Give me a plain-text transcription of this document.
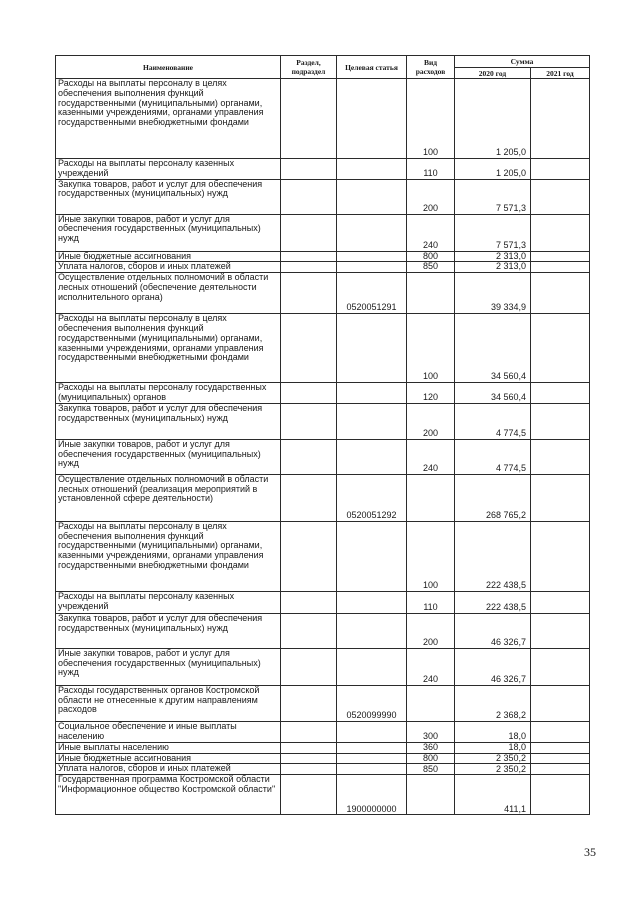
Наименование	Раздел, подраздел	Целевая статья	Вид расходов	Сумма	
				2020 год	2021 год
Расходы на выплаты персоналу в целях обеспечения выполнения функций государственными (муниципальными) органами, казенными учреждениями, органами управления государственными внебюджетными фондами			100	1 205,0	
Расходы на выплаты персоналу казенных учреждений			110	1 205,0	
Закупка товаров, работ и услуг для обеспечения государственных (муниципальных) нужд			200	7 571,3	
Иные закупки товаров, работ и услуг для обеспечения государственных (муниципальных) нужд			240	7 571,3	
Иные бюджетные ассигнования			800	2 313,0	
Уплата налогов, сборов и иных платежей			850	2 313,0	
Осуществление отдельных полномочий в области лесных отношений (обеспечение деятельности исполнительного органа)		0520051291		39 334,9	
Расходы на выплаты персоналу в целях обеспечения выполнения функций государственными (муниципальными) органами, казенными учреждениями, органами управления государственными внебюджетными фондами			100	34 560,4	
Расходы на выплаты персоналу государственных (муниципальных) органов			120	34 560,4	
Закупка товаров, работ и услуг для обеспечения государственных (муниципальных) нужд			200	4 774,5	
Иные закупки товаров, работ и услуг для обеспечения государственных (муниципальных) нужд			240	4 774,5	
Осуществление отдельных полномочий в области лесных отношений (реализация мероприятий в установленной сфере деятельности)		0520051292		268 765,2	
Расходы на выплаты персоналу в целях обеспечения выполнения функций государственными (муниципальными) органами, казенными учреждениями, органами управления государственными внебюджетными фондами			100	222 438,5	
Расходы на выплаты персоналу казенных учреждений			110	222 438,5	
Закупка товаров, работ и услуг для обеспечения государственных (муниципальных) нужд			200	46 326,7	
Иные закупки товаров, работ и услуг для обеспечения государственных (муниципальных) нужд			240	46 326,7	
Расходы государственных органов Костромской области не отнесенные к другим направлениям расходов		0520099990		2 368,2	
Социальное обеспечение и иные выплаты населению			300	18,0	
Иные выплаты населению			360	18,0	
Иные бюджетные ассигнования			800	2 350,2	
Уплата налогов, сборов и иных платежей			850	2 350,2	
Государственная программа Костромской области "Информационное общество Костромской области"		1900000000		411,1	
35
